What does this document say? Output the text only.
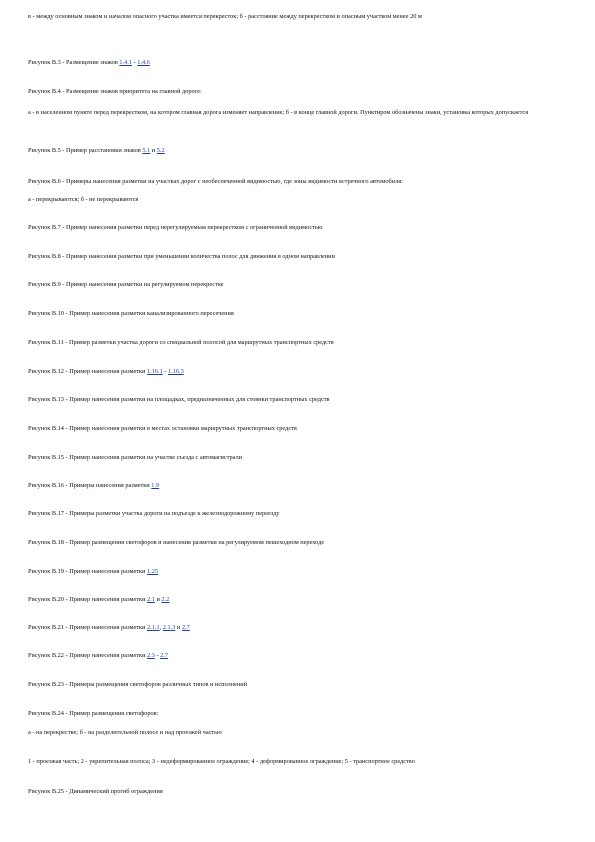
в - между основным знаком и началом опасного участка имеется перекресток; б - расстояние между перекрестком и опасным участком менее 20 м
Рисунок В.3 - Размещение знаков 1.4.1 - 1.4.6
Рисунок В.4 - Размещение знаков приоритета на главной дороге:
а - в населенном пункте перед перекрестком, на котором главная дорога изменяет направление; б - в конце главной дороги. Пунктиром обозначены знаки, установка которых допускается
Рисунок В.5 - Пример расстановки знаков 5.1 и 5.2
Рисунок В.6 - Примеры нанесения разметки на участках дорог с необеспеченной видимостью, где зоны видимости встречного автомобиля:
а - перекрываются; б - не перекрываются
Рисунок В.7 - Пример нанесения разметки перед нерегулируемым перекрестком с ограниченной видимостью
Рисунок В.8 - Пример нанесения разметки при уменьшении количества полос для движения в одном направлении
Рисунок В.9 - Пример нанесения разметки на регулируемом перекрестке
Рисунок В.10 - Пример нанесения разметки канализированного пересечения
Рисунок В.11 - Пример разметки участка дороги со специальной полосой для маршрутных транспортных средств
Рисунок В.12 - Пример нанесения разметки 1.16.1 - 1.16.3
Рисунок В.13 - Пример нанесения разметки на площадках, предназначенных для стоянки транспортных средств
Рисунок В.14 - Пример нанесения разметки в местах остановки маршрутных транспортных средств
Рисунок В.15 - Пример нанесения разметки на участке съезда с автомагистрали
Рисунок В.16 - Примеры нанесения разметки 1.9
Рисунок В.17 - Примеры разметки участка дороги на подъезде к железнодорожному переезду
Рисунок В.18 - Пример размещения светофоров и нанесения разметки на регулируемом пешеходном переходе
Рисунок В.19 - Пример нанесения разметки 1.25
Рисунок В.20 - Пример нанесения разметки 2.1 и 2.2
Рисунок В.21 - Пример нанесения разметки 2.1.1, 2.1.3 и 2.7
Рисунок В.22 - Пример нанесения разметки 2.3 - 2.7
Рисунок В.23 - Примеры размещения светофоров различных типов и исполнений
Рисунок В.24 - Пример размещения светофоров:
а - на перекрестке; б - на разделительной полосе и над проезжей частью
1 - проезжая часть; 2 - укрепительная полоса; 3 - недеформированное ограждение; 4 - деформированное ограждение; 5 - транспортное средство
Рисунок В.25 - Динамический прогиб ограждения
